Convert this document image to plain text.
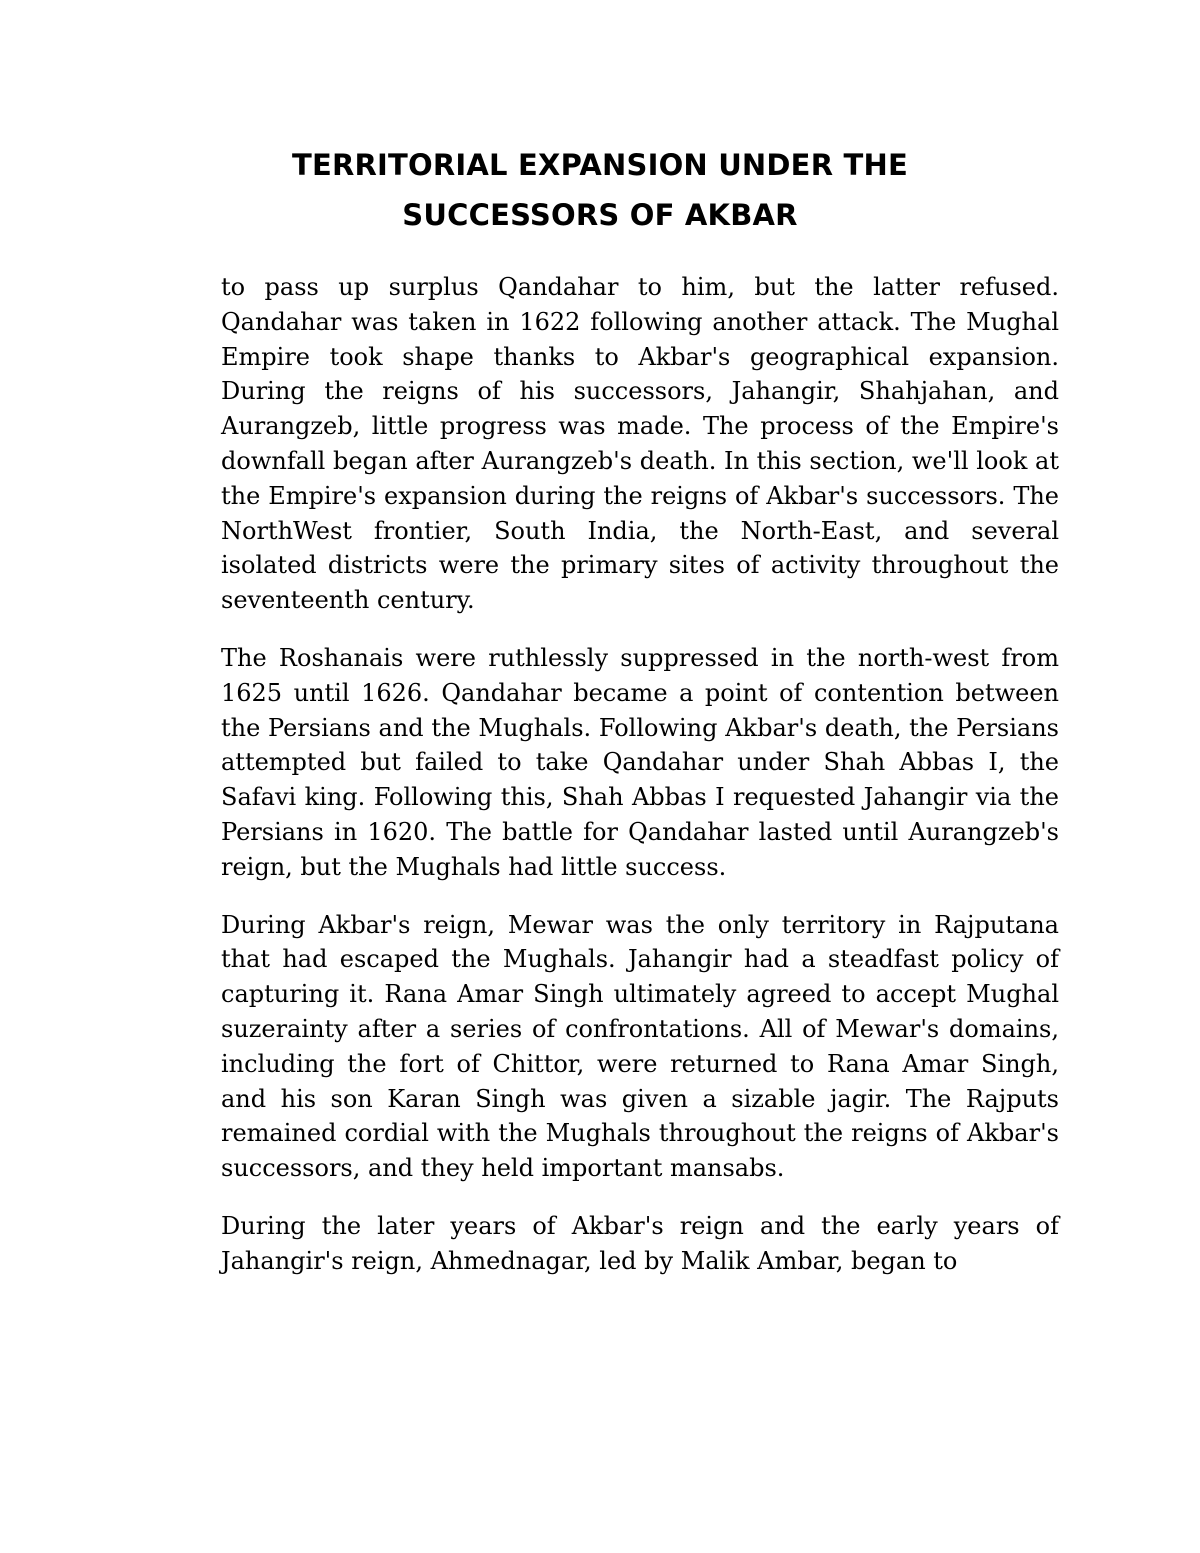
TERRITORIAL EXPANSION UNDER THE
SUCCESSORS OF AKBAR

to pass up surplus Qandahar to him, but the latter refused. Qandahar was taken in 1622 following another attack. The Mughal Empire took shape thanks to Akbar's geographical expansion. During the reigns of his successors, Jahangir, Shahjahan, and Aurangzeb, little progress was made. The process of the Empire's downfall began after Aurangzeb's death. In this section, we'll look at the Empire's expansion during the reigns of Akbar's successors. The NorthWest frontier, South India, the North-East, and several isolated districts were the primary sites of activity throughout the seventeenth century.

The Roshanais were ruthlessly suppressed in the north-west from 1625 until 1626. Qandahar became a point of contention between the Persians and the Mughals. Following Akbar's death, the Persians attempted but failed to take Qandahar under Shah Abbas I, the Safavi king. Following this, Shah Abbas I requested Jahangir via the Persians in 1620. The battle for Qandahar lasted until Aurangzeb's reign, but the Mughals had little success.

During Akbar's reign, Mewar was the only territory in Rajputana that had escaped the Mughals. Jahangir had a steadfast policy of capturing it. Rana Amar Singh ultimately agreed to accept Mughal suzerainty after a series of confrontations. All of Mewar's domains, including the fort of Chittor, were returned to Rana Amar Singh, and his son Karan Singh was given a sizable jagir. The Rajputs remained cordial with the Mughals throughout the reigns of Akbar's successors, and they held important mansabs.

During the later years of Akbar's reign and the early years of Jahangir's reign, Ahmednagar, led by Malik Ambar, began to
